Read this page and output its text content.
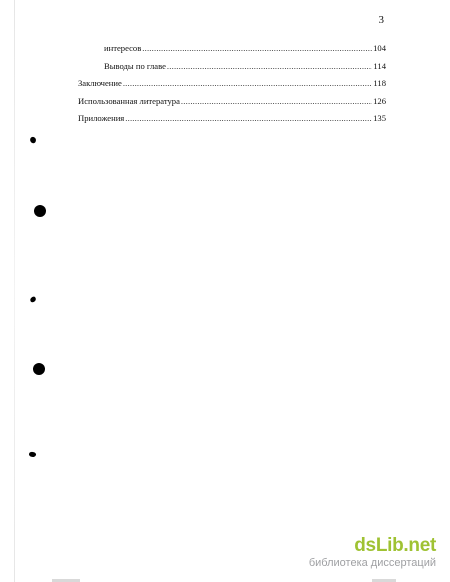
3
интересов .....	104
Выводы по главе .....	114
Заключение .....	118
Использованная литература .....	126
Приложения .....	135
dsLib.net
библиотека диссертаций
